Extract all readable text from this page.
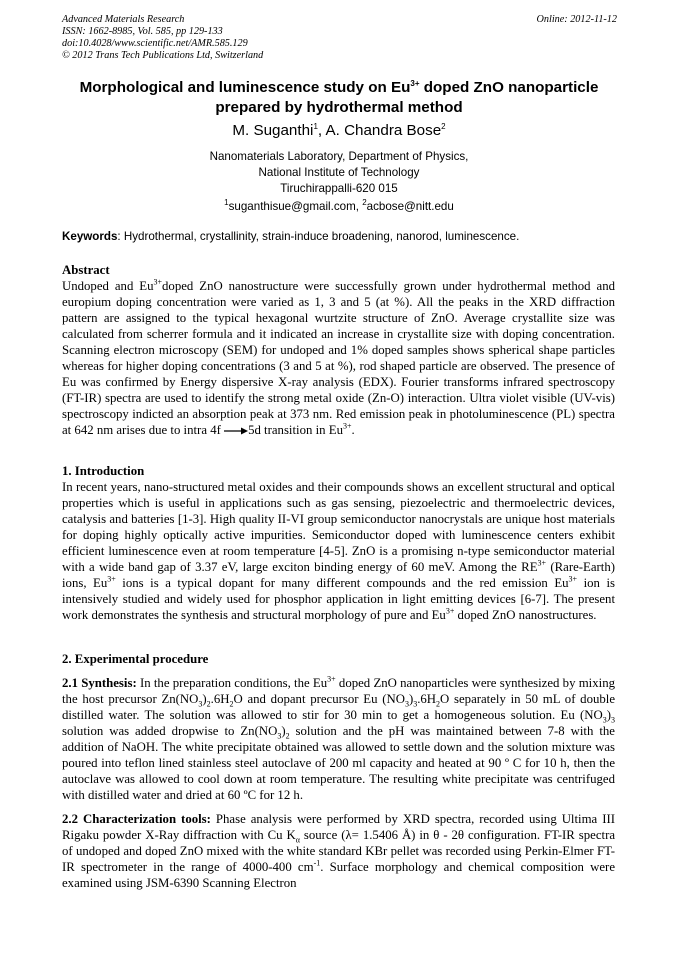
Advanced Materials Research
ISSN: 1662-8985, Vol. 585, pp 129-133
doi:10.4028/www.scientific.net/AMR.585.129
© 2012 Trans Tech Publications Ltd, Switzerland
Online: 2012-11-12
Morphological and luminescence study on $Eu^{3+}$ doped ZnO nanoparticle prepared by hydrothermal method
M. Suganthi$^1$, A. Chandra Bose$^2$
Nanomaterials Laboratory, Department of Physics,
National Institute of Technology
Tiruchirappalli-620 015
$^1$suganthisue@gmail.com, $^2$acbose@nitt.edu
Keywords: Hydrothermal, crystallinity, strain-induce broadening, nanorod, luminescence.
Abstract

Undoped and $Eu^{3+}doped$ ZnO nanostructure were successfully grown under hydrothermal method and europium doping concentration were varied as 1, 3 and 5 (at %). All the peaks in the XRD diffraction pattern are assigned to the typical hexagonal wurtzite structure of ZnO. Average crystallite size was calculated from scherrer formula and it indicated an increase in crystallite size with doping concentration. Scanning electron microscopy (SEM) for undoped and 1% doped samples shows spherical shape particles whereas for higher doping concentrations (3 and 5 at %), rod shaped particle are observed. The presence of Eu was confirmed by Energy dispersive X-ray analysis (EDX). Fourier transforms infrared spectroscopy (FT-IR) spectra are used to identify the strong metal oxide (Zn-O) interaction. Ultra violet visible (UV-vis) spectroscopy indicted an absorption peak at 373 nm. Red emission peak in photoluminescence (PL) spectra at 642 nm arises due to intra 4f 5d transition in $Eu^{3+}$.

1. Introduction

In recent years, nano-structured metal oxides and their compounds shows an excellent structural and optical properties which is useful in applications such as gas sensing, piezoelectric and thermoelectric devices, catalysis and batteries [1-3]. High quality II-VI group semiconductor nanocrystals are unique host materials for doping highly optically active impurities. Semiconductor doped with luminescence centers exhibit efficient luminescence even at room temperature [4-5]. ZnO is a promising n-type semiconductor material with a wide band gap of 3.37 eV, large exciton binding energy of 60 meV. Among the $RE^{3+}$ (Rare-Earth) ions, $Eu^{3+}$ ions is a typical dopant for many different compounds and the red emission $Eu^{3+}$ ion is intensively studied and widely used for phosphor application in light emitting devices [6-7]. The present work demonstrates the synthesis and structural morphology of pure and $Eu^{3+}$ doped ZnO nanostructures.

2. Experimental procedure

2.1 Synthesis: In the preparation conditions, the $Eu^{3+}$ doped ZnO nanoparticles were synthesized by mixing the host precursor $Zn(NO_3)_2.6H_2O$ and dopant precursor Eu $(NO_3)_3.6H_2O$ separately in 50 mL of double distilled water. The solution was allowed to stir for 30 min to get a homogeneous solution. Eu $(NO_3)_3$ solution was added dropwise to $Zn(NO_3)_2$ solution and the pH was maintained between 7-8 with the addition of NaOH. The white precipitate obtained was allowed to settle down and the solution mixture was poured into teflon lined stainless steel autoclave of 200 ml capacity and heated at 90 º C for 10 h, then the autoclave was allowed to cool down at room temperature. The resulting white precipitate was centrifuged with distilled water and dried at 60 ºC for 12 h.

2.2 Characterization tools: Phase analysis were performed by XRD spectra, recorded using Ultima III Rigaku powder X-Ray diffraction with Cu $K_\alpha$ source (λ= 1.5406 Å) in θ - 2θ configuration. FT-IR spectra of undoped and doped ZnO mixed with the white standard KBr pellet was recorded using Perkin-Elmer FT-IR spectrometer in the range of 4000-400 $cm^{-1}$. Surface morphology and chemical composition were examined using JSM-6390 Scanning Electron
